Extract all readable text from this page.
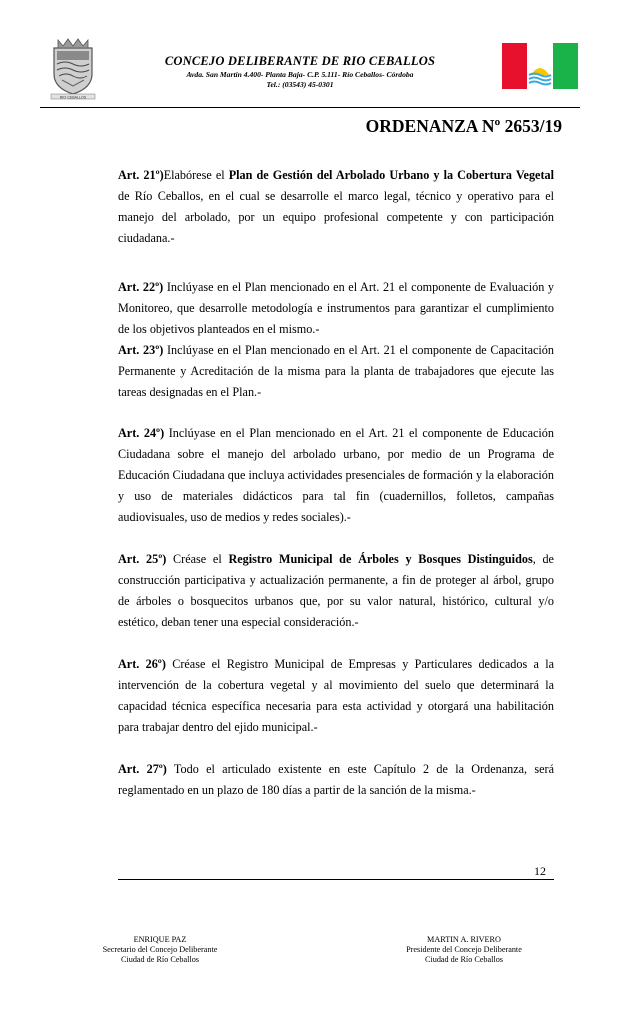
RIO CEBALLOS
CONCEJO DELIBERANTE DE RIO CEBALLOS
Avda. San Martín 4.400- Planta Baja- C.P. 5.111- Río Ceballos- Córdoba
Tel.: (03543) 45-0301
ORDENANZA Nº 2653/19
Art. 21º)Elabórese el Plan de Gestión del Arbolado Urbano y la Cobertura Vegetal
de Río Ceballos, en el cual se desarrolle el marco legal, técnico y operativo para el
manejo del arbolado, por un equipo profesional competente y con participación
ciudadana.-
Art. 22º) Inclúyase en el Plan mencionado en el Art. 21 el componente de Evaluación y
Monitoreo, que desarrolle metodología e instrumentos para garantizar el cumplimiento
de los objetivos planteados en el mismo.-
Art. 23º) Inclúyase en el Plan mencionado en el Art. 21 el componente de Capacitación
Permanente y Acreditación de la misma para la planta de trabajadores que ejecute las
tareas designadas en el Plan.-
Art. 24º) Inclúyase en el Plan mencionado en el Art. 21 el componente de Educación
Ciudadana sobre el manejo del arbolado urbano, por medio de un Programa de
Educación Ciudadana que incluya actividades presenciales de formación y la elaboración
y uso de materiales didácticos para tal fin (cuadernillos, folletos, campañas
audiovisuales, uso de medios y redes sociales).-
Art. 25º) Créase el Registro Municipal de Árboles y Bosques Distinguidos, de
construcción participativa y actualización permanente, a fin de proteger al árbol, grupo
de árboles o bosquecitos urbanos que, por su valor natural, histórico, cultural y/o
estético, deban tener una especial consideración.-
Art. 26º) Créase el Registro Municipal de Empresas y Particulares dedicados a la
intervención de la cobertura vegetal y al movimiento del suelo que determinará la
capacidad técnica específica necesaria para esta actividad y otorgará una habilitación
para trabajar dentro del ejido municipal.-
Art. 27º) Todo el articulado existente en este Capítulo 2 de la Ordenanza, será
reglamentado en un plazo de 180 días a partir de la sanción de la misma.-
12
ENRIQUE PAZ
Secretario del Concejo Deliberante
Ciudad de Río Ceballos
MARTIN A. RIVERO
Presidente del Concejo Deliberante
Ciudad de Río Ceballos
